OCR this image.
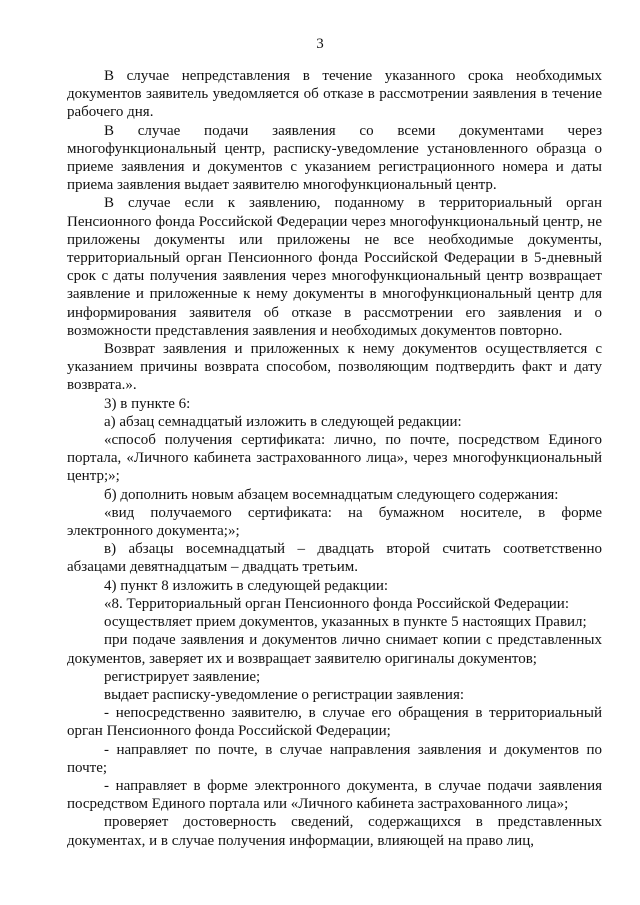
3

В случае непредставления в течение указанного срока необходимых документов заявитель уведомляется об отказе в рассмотрении заявления в течение рабочего дня.

В случае подачи заявления со всеми документами через многофункциональный центр, расписку-уведомление установленного образца о приеме заявления и документов с указанием регистрационного номера и даты приема заявления выдает заявителю многофункциональный центр.

В случае если к заявлению, поданному в территориальный орган Пенсионного фонда Российской Федерации через многофункциональный центр, не приложены документы или приложены не все необходимые документы, территориальный орган Пенсионного фонда Российской Федерации в 5-дневный срок с даты получения заявления через многофункциональный центр возвращает заявление и приложенные к нему документы в многофункциональный центр для информирования заявителя об отказе в рассмотрении его заявления и о возможности представления заявления и необходимых документов повторно.

Возврат заявления и приложенных к нему документов осуществляется с указанием причины возврата способом, позволяющим подтвердить факт и дату возврата.».

3) в пункте 6:

а) абзац семнадцатый изложить в следующей редакции:

«способ получения сертификата: лично, по почте, посредством Единого портала, «Личного кабинета застрахованного лица», через многофункциональный центр;»;

б) дополнить новым абзацем восемнадцатым следующего содержания:

«вид получаемого сертификата: на бумажном носителе, в форме электронного документа;»;

в) абзацы восемнадцатый – двадцать второй считать соответственно абзацами девятнадцатым – двадцать третьим.

4) пункт 8 изложить в следующей редакции:

«8. Территориальный орган Пенсионного фонда Российской Федерации:

осуществляет прием документов, указанных в пункте 5 настоящих Правил;

при подаче заявления и документов лично снимает копии с представленных документов, заверяет их и возвращает заявителю оригиналы документов;

регистрирует заявление;

выдает расписку-уведомление о регистрации заявления:

- непосредственно заявителю, в случае его обращения в территориальный орган Пенсионного фонда Российской Федерации;

- направляет по почте, в случае направления заявления и документов по почте;

- направляет в форме электронного документа, в случае подачи заявления посредством Единого портала или «Личного кабинета застрахованного лица»;

проверяет достоверность сведений, содержащихся в представленных документах, и в случае получения информации, влияющей на право лиц,
